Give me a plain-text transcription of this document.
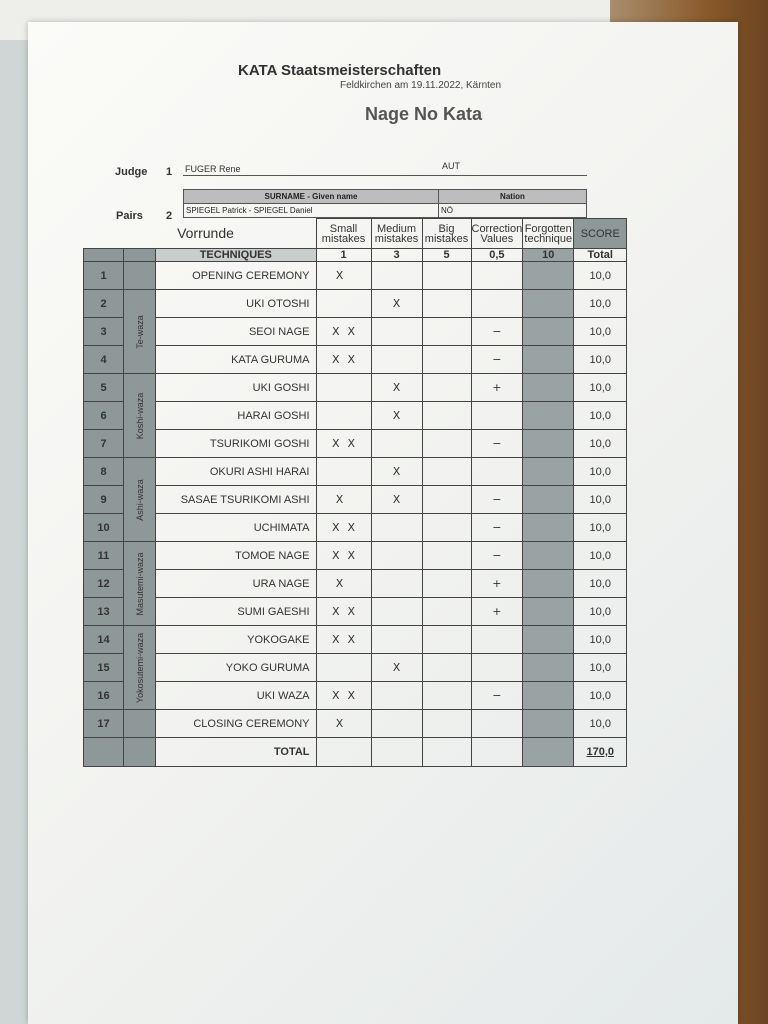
KATA Staatsmeisterschaften
Feldkirchen am 19.11.2022, Kärnten
Nage No Kata
Judge 1 FUGER Rene	AUT
SURNAME - Given name	Nation
SPIEGEL Patrick - SPIEGEL Daniel	NÖ
Pairs 2

		Vorrunde	Small mistakes	Medium mistakes	Big mistakes	Correction Values	Forgotten technique	SCORE
		TECHNIQUES	1	3	5	0,5	10	Total
1		OPENING CEREMONY	X					10,0
2	Te-waza	UKI OTOSHI		X				10,0
3		SEOI NAGE	X X			−		10,0
4		KATA GURUMA	X X			−		10,0
5	Koshi-waza	UKI GOSHI		X		+		10,0
6		HARAI GOSHI		X				10,0
7		TSURIKOMI GOSHI	X X			−		10,0
8	Ashi-waza	OKURI ASHI HARAI		X				10,0
9		SASAE TSURIKOMI ASHI	X	X		−		10,0
10		UCHIMATA	X X			−		10,0
11	Masutemi-waza	TOMOE NAGE	X X			−		10,0
12		URA NAGE	X			+		10,0
13		SUMI GAESHI	X X			+		10,0
14	Yokosutemi-waza	YOKOGAKE	X X					10,0
15		YOKO GURUMA		X				10,0
16		UKI WAZA	X X			−		10,0
17		CLOSING CEREMONY	X					10,0
		TOTAL						170,0
